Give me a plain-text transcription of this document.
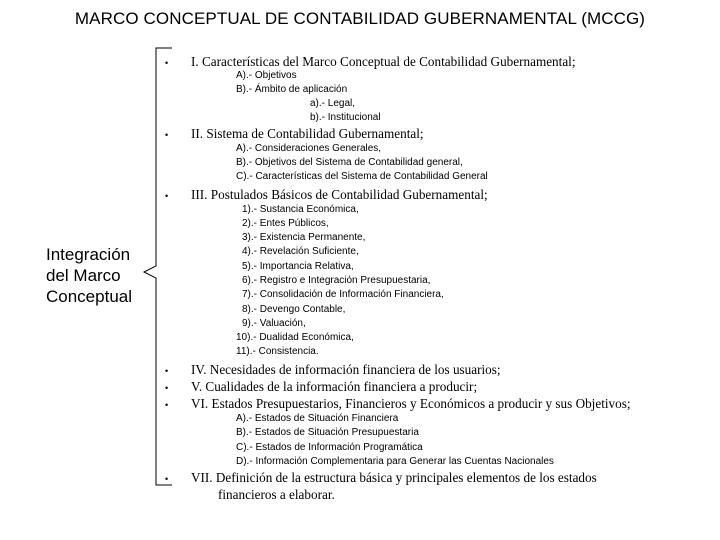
MARCO CONCEPTUAL DE CONTABILIDAD GUBERNAMENTAL (MCCG)
Integración del Marco Conceptual
• I. Características del Marco Conceptual de Contabilidad Gubernamental;
A).- Objetivos
B).- Ámbito de aplicación
a).- Legal,
b).- Institucional
• II. Sistema de Contabilidad Gubernamental;
A).- Consideraciones Generales,
B).- Objetivos del Sistema de Contabilidad general,
C).- Características del Sistema de Contabilidad General
• III. Postulados Básicos de Contabilidad Gubernamental;
1).- Sustancia Económica,
2).- Entes Públicos,
3).- Existencia Permanente,
4).- Revelación Suficiente,
5).- Importancia Relativa,
6).- Registro e Integración Presupuestaria,
7).- Consolidación de Información Financiera,
8).- Devengo Contable,
9).- Valuación,
10).- Dualidad Económica,
11).- Consistencia.
• IV. Necesidades de información financiera de los usuarios;
• V. Cualidades de la información financiera a producir;
• VI. Estados Presupuestarios, Financieros y Económicos a producir y sus Objetivos;
A).- Estados de Situación Financiera
B).- Estados de Situación Presupuestaria
C).- Estados de Información Programática
D).- Información Complementaria para Generar las Cuentas Nacionales
• VII. Definición de la estructura básica y principales elementos de los estados
financieros a elaborar.
